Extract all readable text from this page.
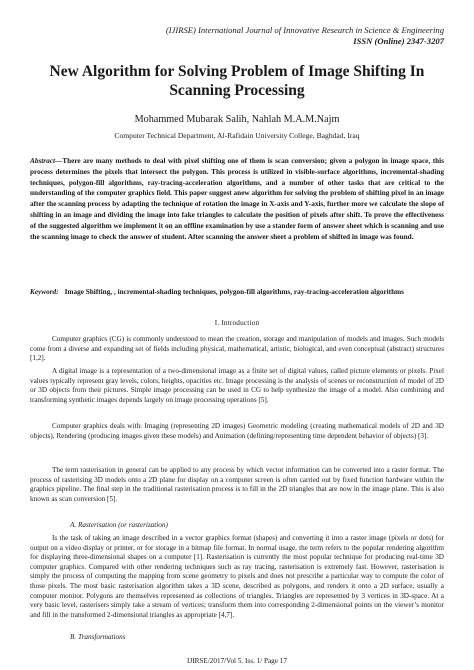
(IJIRSE) International Journal of Innovative Research in Science & Engineering
ISSN (Online) 2347-3207
New Algorithm for Solving Problem of Image Shifting In Scanning Processing
Mohammed Mubarak Salih, Nahlah M.A.M.Najm
Computer Technical Department, Al-Rafidain University College, Baghdad, Iraq
Abstract—There are many methods to deal with pixel shifting one of them is scan conversion; given a polygon in image space, this process determines the pixels that intersect the polygon. This process is utilized in visible-surface algorithms, incremental-shading techniques, polygon-fill algorithms, ray-tracing-acceleration algorithms, and a number of other tasks that are critical to the understanding of the computer graphics field. This paper suggest anew algorithm for solving the problem of shifting pixel in an image after the scanning process by adapting the technique of rotation the image in X-axis and Y-axis, further more we calculate the slope of shifting in an image and dividing the image into fake triangles to calculate the position of pixels after shift. To prove the effectiveness of the suggested algorithm we implement it on an offline examination by use a stander form of answer sheet which is scanning and use the scanning image to check the answer of student. After scanning the answer sheet a problem of shifted in image was found.
Keyword: Image Shifting, , incremental-shading techniques, polygon-fill algorithms, ray-tracing-acceleration algorithms
I. Introduction
Computer graphics (CG) is commonly understood to mean the creation, storage and manipulation of models and images. Such models come from a diverse and expanding set of fields including physical, mathematical, artistic, biological, and even conceptual (abstract) structures [1,2].
A digital image is a representation of a two-dimensional image as a finite set of digital values, called picture elements or pixels. Pixel values typically represent gray levels, colors, heights, opacities etc. Image processing is the analysis of scenes or reconstruction of model of 2D or 3D objects from their pictures. Simple image processing can be used in CG to help synthesize the image of a model. Also combining and transforming synthetic images depends largely on image processing operations [5].
Computer graphics deals with: Imaging (representing 2D images) Geometric modeling (creating mathematical models of 2D and 3D objects), Rendering (producing images given these models) and Animation (defining/representing time dependent behavior of objects) [3].
The term rasterisation in general can be applied to any process by which vector information can be converted into a raster format. The process of rasterising 3D models onto a 2D plane for display on a computer screen is often carried out by fixed function hardware within the graphics pipeline. The final step in the traditional rasterisation process is to fill in the 2D triangles that are now in the image plane. This is also known as scan conversion [5].
A. Rasterisation (or rasterization)
Is the task of taking an image described in a vector graphics format (shapes) and converting it into a raster image (pixels or dots) for output on a video display or printer, or for storage in a bitmap file format. In normal usage, the term refers to the popular rendering algorithm for displaying three-dimensional shapes on a computer [1]. Rasterisation is currently the most popular technique for producing real-time 3D computer graphics. Compared with other rendering techniques such as ray tracing, rasterisation is extremely fast. However, rasterisation is simply the process of computing the mapping from scene geometry to pixels and does not prescribe a particular way to compute the color of those pixels. The most basic rasterisation algorithm takes a 3D scene, described as polygons, and renders it onto a 2D surface, usually a computer monitor. Polygons are themselves represented as collections of triangles. Triangles are represented by 3 vertices in 3D-space. At a very basic level, rasterisers simply take a stream of vertices; transform them into corresponding 2-dimensional points on the viewer’s monitor and fill in the transformed 2-dimensional triangles as appropriate [4,7].
B. Transformations
IJIRSE/2017/Vol 5. Iss. 1/ Page 17
